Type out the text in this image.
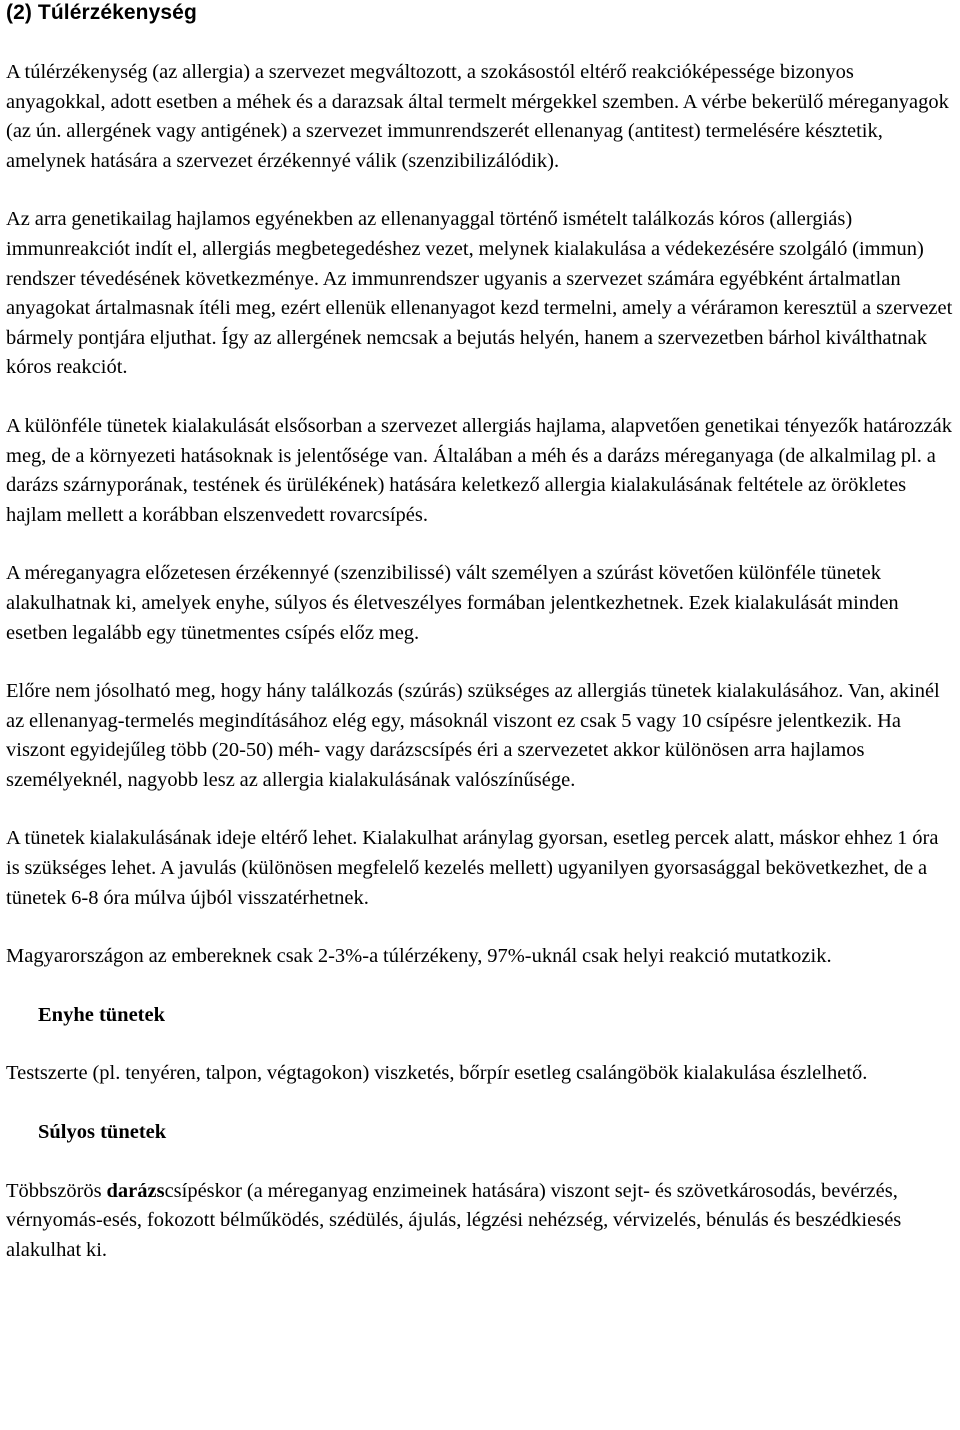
(2) Túlérzékenység

A túlérzékenység (az allergia) a szervezet megváltozott, a szokásostól eltérő reakcióképessége bizonyos anyagokkal, adott esetben a méhek és a darazsak által termelt mérgekkel szemben. A vérbe bekerülő méreganyagok (az ún. allergének vagy antigének) a szervezet immunrendszerét ellenanyag (antitest) termelésére késztetik, amelynek hatására a szervezet érzékennyé válik (szenzibilizálódik).

Az arra genetikailag hajlamos egyénekben az ellenanyaggal történő ismételt találkozás kóros (allergiás) immunreakciót indít el, allergiás megbetegedéshez vezet, melynek kialakulása a védekezésére szolgáló (immun) rendszer tévedésének következménye. Az immunrendszer ugyanis a szervezet számára egyébként ártalmatlan anyagokat ártalmasnak ítéli meg, ezért ellenük ellenanyagot kezd termelni, amely a véráramon keresztül a szervezet bármely pontjára eljuthat. Így az allergének nemcsak a bejutás helyén, hanem a szervezetben bárhol kiválthatnak kóros reakciót.

A különféle tünetek kialakulását elsősorban a szervezet allergiás hajlama, alapvetően genetikai tényezők határozzák meg, de a környezeti hatásoknak is jelentősége van. Általában a méh és a darázs méreganyaga (de alkalmilag pl. a darázs szárnyporának, testének és ürülékének) hatására keletkező allergia kialakulásának feltétele az örökletes hajlam mellett a korábban elszenvedett rovarcsípés.

A méreganyagra előzetesen érzékennyé (szenzibilissé) vált személyen a szúrást követően különféle tünetek alakulhatnak ki, amelyek enyhe, súlyos és életveszélyes formában jelentkezhetnek. Ezek kialakulását minden esetben legalább egy tünetmentes csípés előz meg.

Előre nem jósolható meg, hogy hány találkozás (szúrás) szükséges az allergiás tünetek kialakulásához. Van, akinél az ellenanyag-termelés megindításához elég egy, másoknál viszont ez csak 5 vagy 10 csípésre jelentkezik. Ha viszont egyidejűleg több (20-50) méh- vagy darázscsípés éri a szervezetet akkor különösen arra hajlamos személyeknél, nagyobb lesz az allergia kialakulásának valószínűsége.

A tünetek kialakulásának ideje eltérő lehet. Kialakulhat aránylag gyorsan, esetleg percek alatt, máskor ehhez 1 óra is szükséges lehet. A javulás (különösen megfelelő kezelés mellett) ugyanilyen gyorsasággal bekövetkezhet, de a tünetek 6-8 óra múlva újból visszatérhetnek.

Magyarországon az embereknek csak 2-3%-a túlérzékeny, 97%-uknál csak helyi reakció mutatkozik.

Enyhe tünetek

Testszerte (pl. tenyéren, talpon, végtagokon) viszketés, bőrpír esetleg csalángöbök kialakulása észlelhető.

Súlyos tünetek

Többszörös darázscsípéskor (a méreganyag enzimeinek hatására) viszont sejt- és szövetkárosodás, bevérzés, vérnyomás-esés, fokozott bélműködés, szédülés, ájulás, légzési nehézség, vérvizelés, bénulás és beszédkiesés alakulhat ki.
